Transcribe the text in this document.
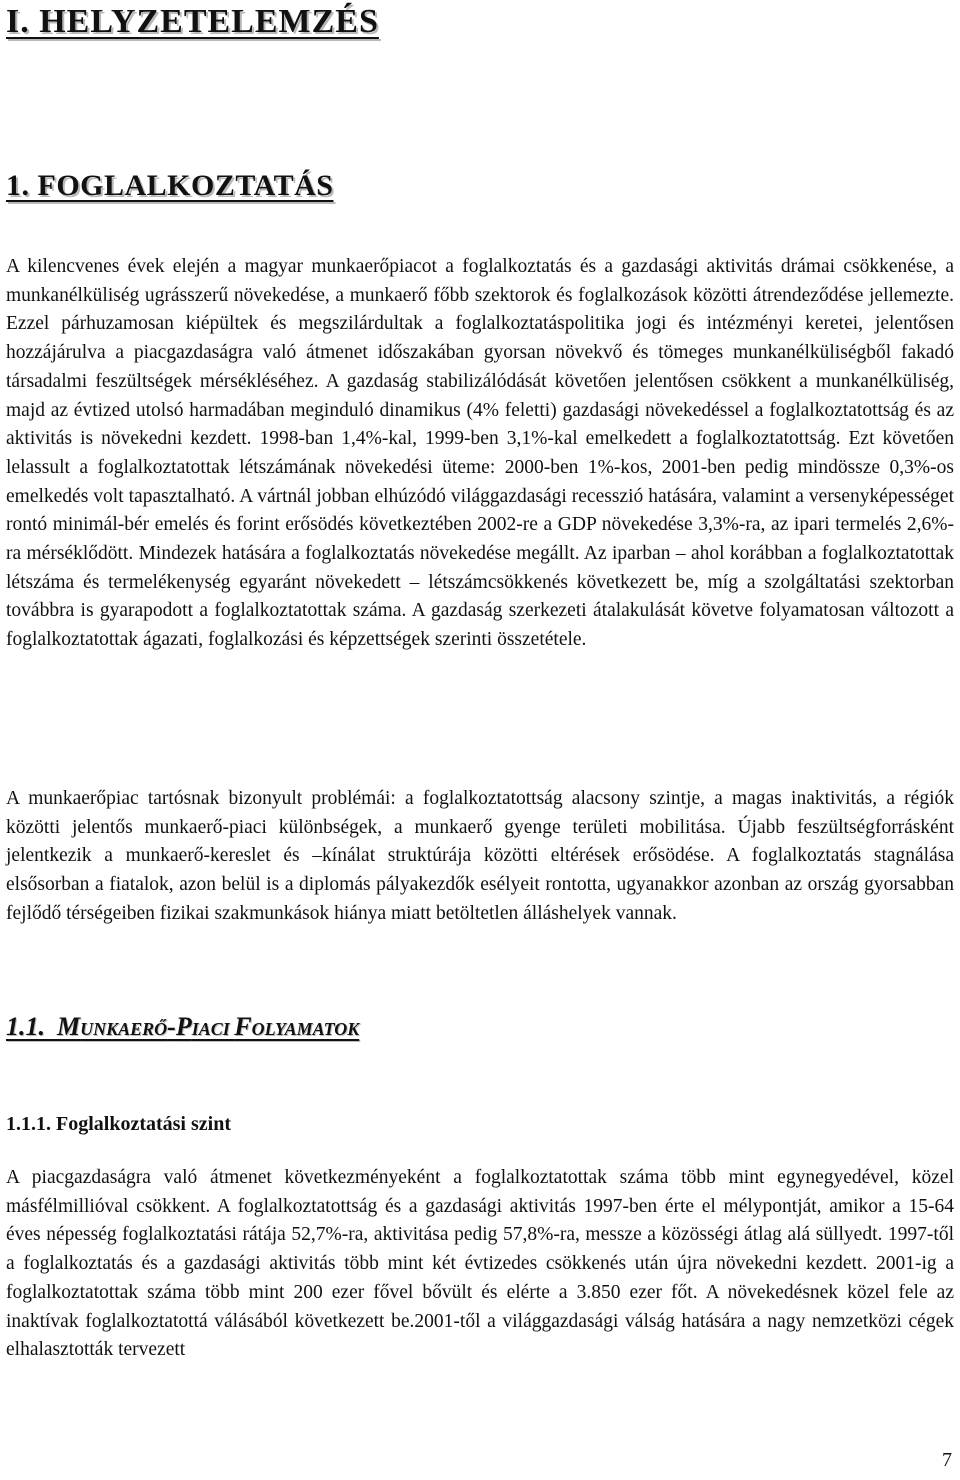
I. HELYZETELEMZÉS
1. FOGLALKOZTATÁS

A kilencvenes évek elején a magyar munkaerőpiacot a foglalkoztatás és a gazdasági aktivitás drámai csökkenése, a munkanélküliség ugrásszerű növekedése, a munkaerő főbb szektorok és foglalkozások közötti átrendeződése jellemezte. Ezzel párhuzamosan kiépültek és megszilárdultak a foglalkoztatáspolitika jogi és intézményi keretei, jelentősen hozzájárulva a piacgazdaságra való átmenet időszakában gyorsan növekvő és tömeges munkanélküliségből fakadó társadalmi feszültségek mérsékléséhez. A gazdaság stabilizálódását követően jelentősen csökkent a munkanélküliség, majd az évtized utolsó harmadában meginduló dinamikus (4% feletti) gazdasági növekedéssel a foglalkoztatottság és az aktivitás is növekedni kezdett. 1998-ban 1,4%-kal, 1999-ben 3,1%-kal emelkedett a foglalkoztatottság. Ezt követően lelassult a foglalkoztatottak létszámának növekedési üteme: 2000-ben 1%-kos, 2001-ben pedig mindössze 0,3%-os emelkedés volt tapasztalható. A vártnál jobban elhúzódó világgazdasági recesszió hatására, valamint a versenyképességet rontó minimál-bér emelés és forint erősödés következtében 2002-re a GDP növekedése 3,3%-ra, az ipari termelés 2,6%-ra mérséklődött. Mindezek hatására a foglalkoztatás növekedése megállt. Az iparban – ahol korábban a foglalkoztatottak létszáma és termelékenység egyaránt növekedett – létszámcsökkenés következett be, míg a szolgáltatási szektorban továbbra is gyarapodott a foglalkoztatottak száma. A gazdaság szerkezeti átalakulását követve folyamatosan változott a foglalkoztatottak ágazati, foglalkozási és képzettségek szerinti összetétele.

A munkaerőpiac tartósnak bizonyult problémái: a foglalkoztatottság alacsony szintje, a magas inaktivitás, a régiók közötti jelentős munkaerő-piaci különbségek, a munkaerő gyenge területi mobilitása. Újabb feszültségforrásként jelentkezik a munkaerő-kereslet és –kínálat struktúrája közötti eltérések erősödése. A foglalkoztatás stagnálása elsősorban a fiatalok, azon belül is a diplomás pályakezdők esélyeit rontotta, ugyanakkor azonban az ország gyorsabban fejlődő térségeiben fizikai szakmunkások hiánya miatt betöltetlen álláshelyek vannak.

1.1. MUNKAERŐ-PIACI FOLYAMATOK
1.1.1. Foglalkoztatási szint

A piacgazdaságra való átmenet következményeként a foglalkoztatottak száma több mint egynegyedével, közel másfélmillióval csökkent. A foglalkoztatottság és a gazdasági aktivitás 1997-ben érte el mélypontját, amikor a 15-64 éves népesség foglalkoztatási rátája 52,7%-ra, aktivitása pedig 57,8%-ra, messze a közösségi átlag alá süllyedt. 1997-től a foglalkoztatás és a gazdasági aktivitás több mint két évtizedes csökkenés után újra növekedni kezdett. 2001-ig a foglalkoztatottak száma több mint 200 ezer fővel bővült és elérte a 3.850 ezer főt. A növekedésnek közel fele az inaktívak foglalkoztatottá válásából következett be.2001-től a világgazdasági válság hatására a nagy nemzetközi cégek elhalasztották tervezett

7
